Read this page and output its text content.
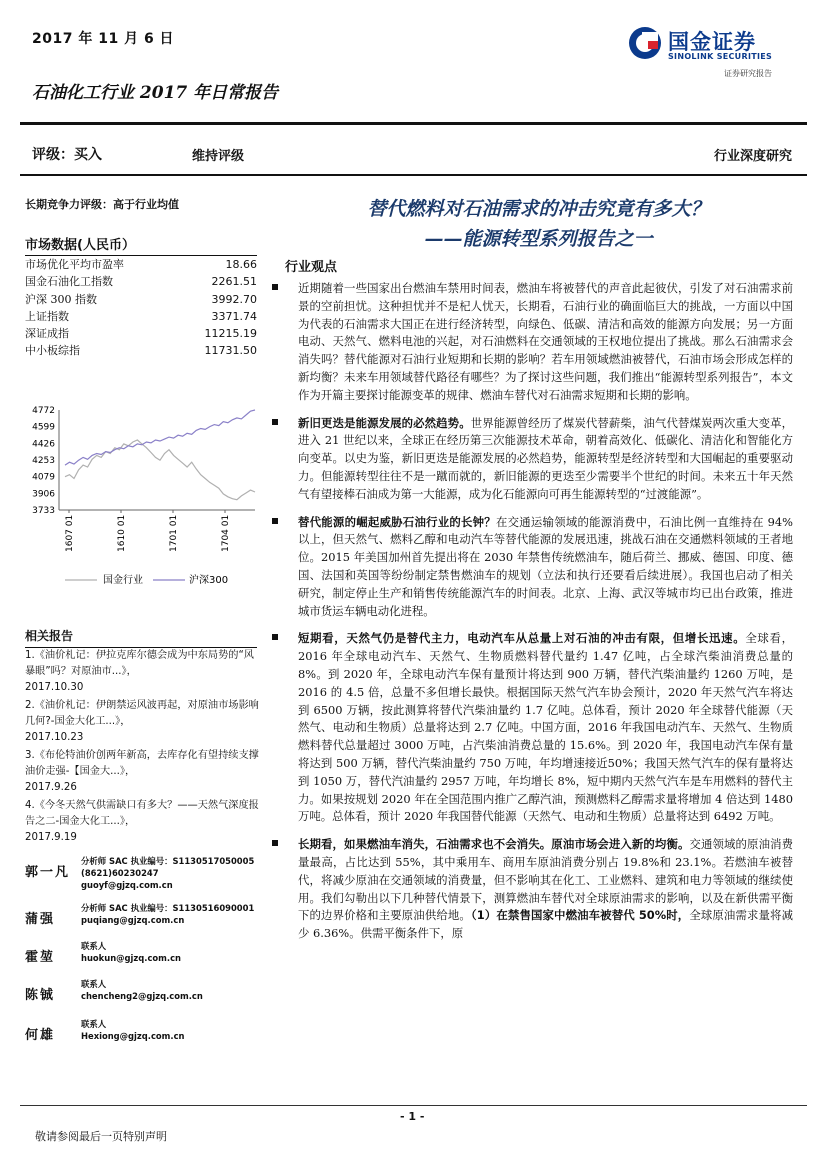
2017 年 11 月 6 日	国金证券
SINOLINK SECURITIES
证券研究报告
石油化工行业 2017 年日常报告
评级：买入	维持评级	行业深度研究
长期竞争力评级：高于行业均值
市场数据(人民币）
市场优化平均市盈率	18.66
国金石油化工指数	2261.51
沪深 300 指数	3992.70
上证指数	3371.74
深证成指	11215.19
中小板综指	11731.50
4772
4599
4426
4253
4079
3906
3733
1607 01	1610 01	1701 01	1704 01
国金行业	沪深300
相关报告
1.《油价札记：伊拉克库尔德会成为中东局势的“风暴眼”吗？对原油市...》，
2017.10.30
2.《油价札记：伊朗禁运风波再起，对原油市场影响几何?-国金大化工...》，
2017.10.23
3.《布伦特油价创两年新高，去库存化有望持续支撑油价走强-【国金大...》，
2017.9.26
4.《今冬天然气供需缺口有多大？——天然气深度报告之二-国金大化工...》，
2017.9.19
郭一凡
分析师 SAC 执业编号：S1130517050005
(8621)60230247
guoyf@gjzq.com.cn
蒲强
分析师 SAC 执业编号：S1130516090001
puqiang@gjzq.com.cn
霍堃
联系人
huokun@gjzq.com.cn
陈铖
联系人
chencheng2@gjzq.com.cn
何雄
联系人
Hexiong@gjzq.com.cn
替代燃料对石油需求的冲击究竟有多大？
——能源转型系列报告之一
行业观点
近期随着一些国家出台燃油车禁用时间表，燃油车将被替代的声音此起彼伏，引发了对石油需求前景的空前担忧。这种担忧并不是杞人忧天，长期看，石油行业的确面临巨大的挑战，一方面以中国为代表的石油需求大国正在进行经济转型，向绿色、低碳、清洁和高效的能源方向发展；另一方面电动、天然气、燃料电池的兴起，对石油燃料在交通领域的王权地位提出了挑战。那么石油需求会消失吗？替代能源对石油行业短期和长期的影响？若车用领域燃油被替代，石油市场会形成怎样的新均衡？未来车用领域替代路径有哪些？为了探讨这些问题，我们推出“能源转型系列报告”，本文作为开篇主要探讨能源变革的规律、燃油车替代对石油需求短期和长期的影响。
新旧更迭是能源发展的必然趋势。世界能源曾经历了煤炭代替薪柴，油气代替煤炭两次重大变革，进入 21 世纪以来，全球正在经历第三次能源技术革命，朝着高效化、低碳化、清洁化和智能化方向变革。以史为鉴，新旧更迭是能源发展的必然趋势，能源转型是经济转型和大国崛起的重要驱动力。但能源转型往往不是一蹴而就的，新旧能源的更迭至少需要半个世纪的时间。未来五十年天然气有望接棒石油成为第一大能源，成为化石能源向可再生能源转型的“过渡能源”。
替代能源的崛起威胁石油行业的长钟？在交通运输领域的能源消费中，石油比例一直维持在 94%以上，但天然气、燃料乙醇和电动汽车等替代能源的发展迅速，挑战石油在交通燃料领域的王者地位。2015 年美国加州首先提出将在 2030 年禁售传统燃油车，随后荷兰、挪威、德国、印度、德国、法国和英国等纷纷制定禁售燃油车的规划（立法和执行还要看后续进展）。我国也启动了相关研究，制定停止生产和销售传统能源汽车的时间表。北京、上海、武汉等城市均已出台政策，推进城市货运车辆电动化进程。
短期看，天然气仍是替代主力，电动汽车从总量上对石油的冲击有限，但增长迅速。全球看，2016 年全球电动汽车、天然气、生物质燃料替代量约 1.47 亿吨，占全球汽柴油消费总量的 8%。到 2020 年，全球电动汽车保有量预计将达到 900 万辆，替代汽柴油量约 1260 万吨，是 2016 的 4.5 倍，总量不多但增长最快。根据国际天然气汽车协会预计，2020 年天然气汽车将达到 6500 万辆，按此测算将替代汽柴油量约 1.7 亿吨。总体看，预计 2020 年全球替代能源（天然气、电动和生物质）总量将达到 2.7 亿吨。中国方面，2016 年我国电动汽车、天然气、生物质燃料替代总量超过 3000 万吨，占汽柴油消费总量的 15.6%。到 2020 年，我国电动汽车保有量将达到 500 万辆，替代汽柴油量约 750 万吨，年均增速接近50%；我国天然气汽车的保有量将达到 1050 万，替代汽油量约 2957 万吨，年均增长 8%，短中期内天然气汽车是车用燃料的替代主力。如果按规划 2020 年在全国范围内推广乙醇汽油，预测燃料乙醇需求量将增加 4 倍达到 1480 万吨。总体看，预计 2020 年我国替代能源（天然气、电动和生物质）总量将达到 6492 万吨。
长期看，如果燃油车消失，石油需求也不会消失。原油市场会进入新的均衡。交通领域的原油消费量最高，占比达到 55%，其中乘用车、商用车原油消费分别占 19.8%和 23.1%。若燃油车被替代，将减少原油在交通领域的消费量，但不影响其在化工、工业燃料、建筑和电力等领域的继续使用。我们勾勒出以下几种替代情景下，测算燃油车替代对全球原油需求的影响，以及在新供需平衡下的边界价格和主要原油供给地。（1）在禁售国家中燃油车被替代 50%时，全球原油需求量将减少 6.36%。供需平衡条件下，原
- 1 -
敬请参阅最后一页特别声明
